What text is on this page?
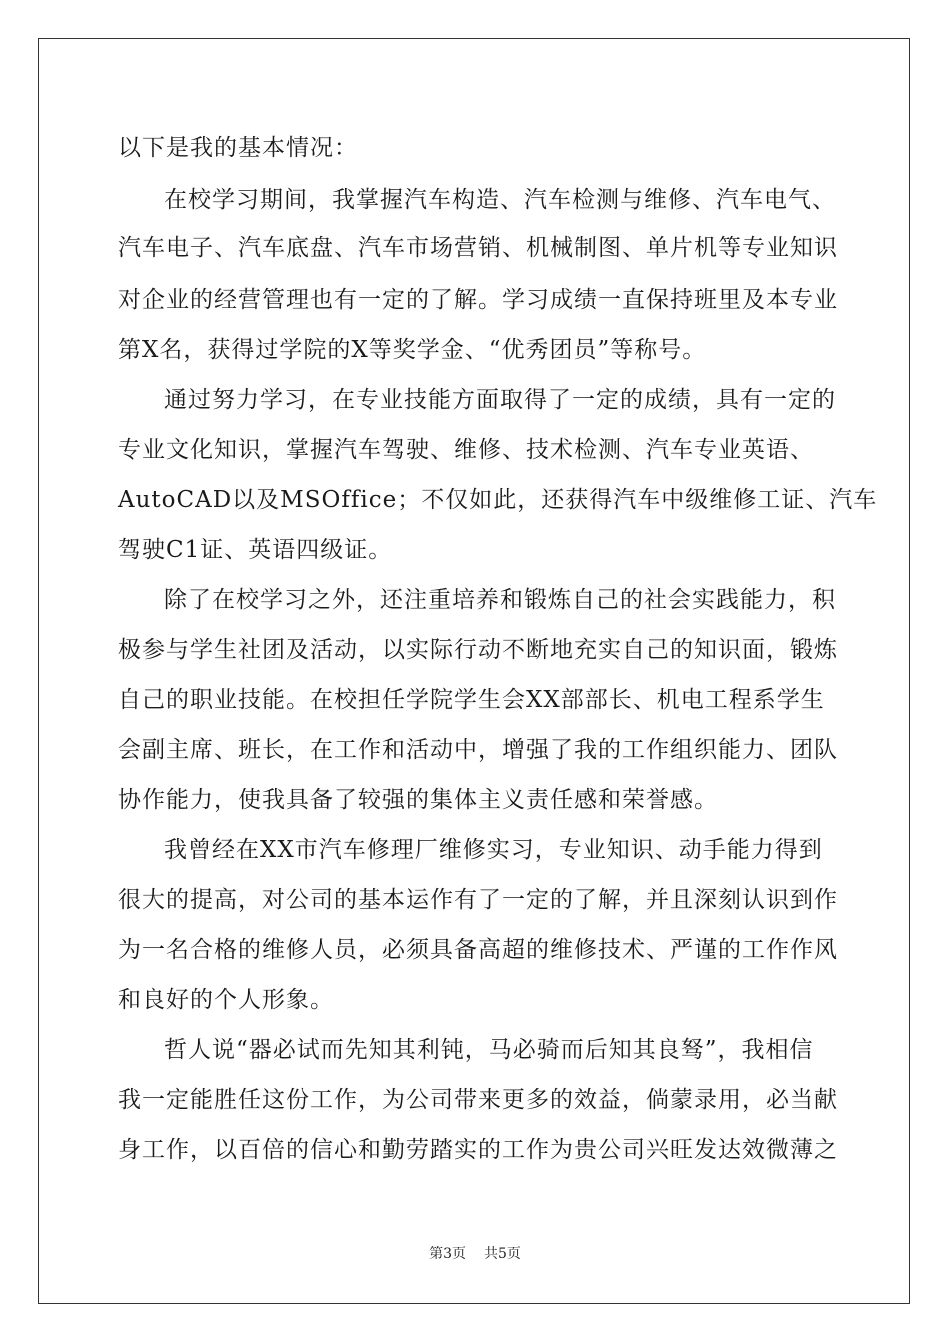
以下是我的基本情况：
在校学习期间，我掌握汽车构造、汽车检测与维修、汽车电气、
汽车电子、汽车底盘、汽车市场营销、机械制图、单片机等专业知识
对企业的经营管理也有一定的了解。学习成绩一直保持班里及本专业
第X名，获得过学院的X等奖学金、“优秀团员”等称号。
通过努力学习，在专业技能方面取得了一定的成绩，具有一定的
专业文化知识，掌握汽车驾驶、维修、技术检测、汽车专业英语、
AutoCAD以及MSOffice；不仅如此，还获得汽车中级维修工证、汽车
驾驶C1证、英语四级证。
除了在校学习之外，还注重培养和锻炼自己的社会实践能力，积
极参与学生社团及活动，以实际行动不断地充实自己的知识面，锻炼
自己的职业技能。在校担任学院学生会XX部部长、机电工程系学生
会副主席、班长，在工作和活动中，增强了我的工作组织能力、团队
协作能力，使我具备了较强的集体主义责任感和荣誉感。
我曾经在XX市汽车修理厂维修实习，专业知识、动手能力得到
很大的提高，对公司的基本运作有了一定的了解，并且深刻认识到作
为一名合格的维修人员，必须具备高超的维修技术、严谨的工作作风
和良好的个人形象。
哲人说“器必试而先知其利钝，马必骑而后知其良驽”，我相信
我一定能胜任这份工作，为公司带来更多的效益，倘蒙录用，必当献
身工作，以百倍的信心和勤劳踏实的工作为贵公司兴旺发达效微薄之
第3页 共5页
